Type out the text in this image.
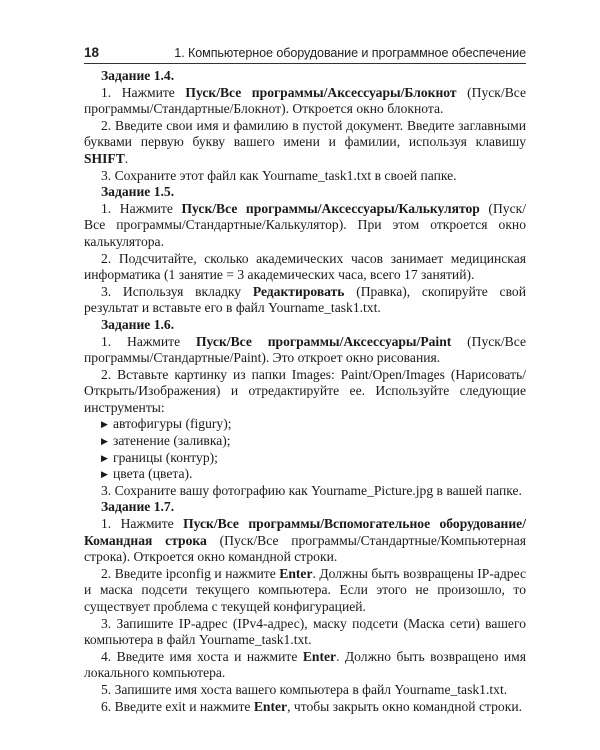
18	1. Компьютерное оборудование и программное обеспечение

Задание 1.4.

1. Нажмите Пуск/Все программы/Аксессуары/Блокнот (Пуск/Все программы/Стандартные/Блокнот). Откроется окно блокнота.

2. Введите свои имя и фамилию в пустой документ. Введите заглавными буквами первую букву вашего имени и фамилии, используя клавишу SHIFT.

3. Сохраните этот файл как Yourname_task1.txt в своей папке.

Задание 1.5.

1. Нажмите Пуск/Все программы/Аксессуары/Калькулятор (Пуск/Все программы/Стандартные/Калькулятор). При этом откроется окно калькулятора.

2. Подсчитайте, сколько академических часов занимает медицинская информатика (1 занятие = 3 академических часа, всего 17 занятий).

3. Используя вкладку Редактировать (Правка), скопируйте свой результат и вставьте его в файл Yourname_task1.txt.

Задание 1.6.

1. Нажмите Пуск/Все программы/Аксессуары/Paint (Пуск/Все программы/Стандартные/Paint). Это откроет окно рисования.

2. Вставьте картинку из папки Images: Paint/Open/Images (Нарисовать/Открыть/Изображения) и отредактируйте ее. Используйте следующие инструменты:

▶ автофигуры (figury);

▶ затенение (заливка);

▶ границы (контур);

▶ цвета (цвета).

3. Сохраните вашу фотографию как Yourname_Picture.jpg в вашей папке.

Задание 1.7.

1. Нажмите Пуск/Все программы/Вспомогательное оборудование/Командная строка (Пуск/Все программы/Стандартные/Компьютерная строка). Откроется окно командной строки.

2. Введите ipconfig и нажмите Enter. Должны быть возвращены IP-адрес и маска подсети текущего компьютера. Если этого не произошло, то существует проблема с текущей конфигурацией.

3. Запишите IP-адрес (IPv4-адрес), маску подсети (Маска сети) вашего компьютера в файл Yourname_task1.txt.

4. Введите имя хоста и нажмите Enter. Должно быть возвращено имя локального компьютера.

5. Запишите имя хоста вашего компьютера в файл Yourname_task1.txt.

6. Введите exit и нажмите Enter, чтобы закрыть окно командной строки.
